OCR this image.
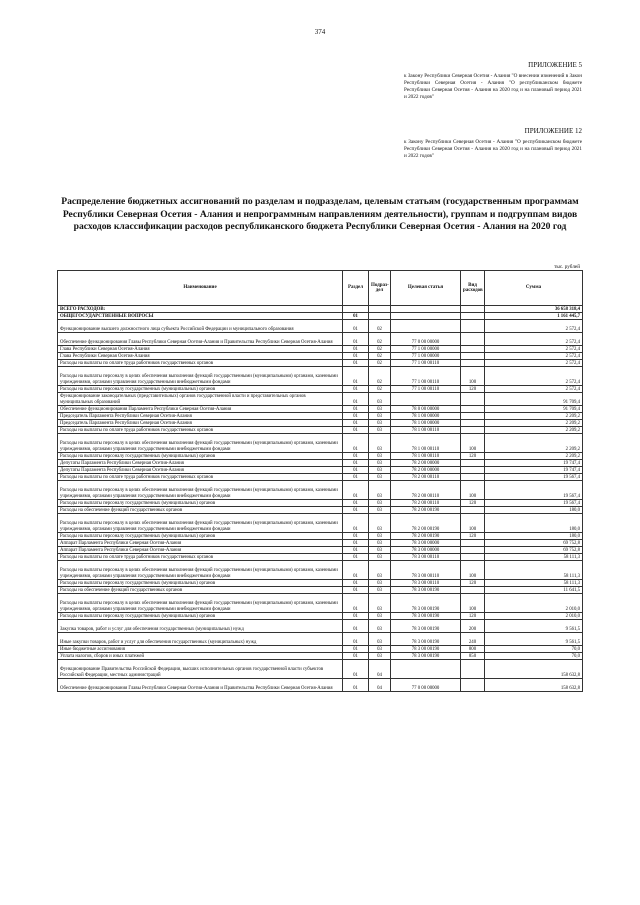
374
ПРИЛОЖЕНИЕ 5
к Закону Республики Северная Осетия - Алания "О внесении изменений в Закон Республики Северная Осетия - Алания "О республиканском бюджете Республики Северная Осетия - Алания на 2020 год и на плановый период 2021 и 2022 годов"
ПРИЛОЖЕНИЕ 12
к Закону Республики Северная Осетия - Алания "О республиканском бюджете Республики Северная Осетия - Алания на 2020 год и на плановый период 2021 и 2022 годов"
Распределение бюджетных ассигнований по разделам и подразделам, целевым статьям (государственным программам Республики Северная Осетия - Алания и непрограммным направлениям деятельности), группам и подгруппам видов расходов классификации расходов республиканского бюджета Республики Северная Осетия - Алания на 2020 год
тыс. рублей
Наименование	Раздел	Подраз-дел	Целевая статья	Вид расходов	Сумма
ВСЕГО РАСХОДОВ:					36 658 318,4
ОБЩЕГОСУДАРСТВЕННЫЕ ВОПРОСЫ	01				1 161 445,7
Функционирование высшего должностного лица субъекта Российской Федерации и муниципального образования	01	02			2 572,4
Обеспечение функционирования Главы Республики Северная Осетия-Алания и Правительства Республики Северная Осетия-Алания	01	02	77 0 00 00000		2 572,4
Глава Республики Северная Осетия-Алания	01	02	77 1 00 00000		2 572,4
Глава Республики Северная Осетия-Алания	01	02	77 1 00 00000		2 572,4
Расходы на выплаты по оплате труда работников государственных органов	01	02	77 1 00 00110		2 572,4
Расходы на выплаты персоналу в целях обеспечения выполнения функций государственными (муниципальными) органами, казенными учреждениями, органами управления государственными внебюджетными фондами	01	02	77 1 00 00110	100	2 572,4
Расходы на выплаты персоналу государственных (муниципальных) органов	01	02	77 1 00 00110	120	2 572,4
Функционирование законодательных (представительных) органов государственной власти и представительных органов муниципальных образований	01	03			91 709,4
Обеспечение функционирования Парламента Республики Северная Осетия-Алания	01	03	78 0 00 00000		91 709,4
Председатель Парламента Республики Северная Осетия-Алания	01	03	78 1 00 00000		2 209,2
Председатель Парламента Республики Северная Осетия-Алания	01	03	78 1 00 00000		2 209,2
Расходы на выплаты по оплате труда работников государственных органов	01	03	78 1 00 00110		2 209,2
Расходы на выплаты персоналу в целях обеспечения выполнения функций государственными (муниципальными) органами, казенными учреждениями, органами управления государственными внебюджетными фондами	01	03	78 1 00 00110	100	2 209,2
Расходы на выплаты персоналу государственных (муниципальных) органов	01	03	78 1 00 00110	120	2 209,2
Депутаты Парламента Республики Северная Осетия-Алания	01	03	78 2 00 00000		19 747,4
Депутаты Парламента Республики Северная Осетия-Алания	01	03	78 2 00 00000		19 747,4
Расходы на выплаты по оплате труда работников государственных органов	01	03	78 2 00 00110		19 567,4
Расходы на выплаты персоналу в целях обеспечения выполнения функций государственными (муниципальными) органами, казенными учреждениями, органами управления государственными внебюджетными фондами	01	03	78 2 00 00110	100	19 567,4
Расходы на выплаты персоналу государственных (муниципальных) органов	01	03	78 2 00 00110	120	19 567,4
Расходы на обеспечение функций государственных органов	01	03	78 2 00 00190		180,0
Расходы на выплаты персоналу в целях обеспечения выполнения функций государственными (муниципальными) органами, казенными учреждениями, органами управления государственными внебюджетными фондами	01	03	78 2 00 00190	100	180,0
Расходы на выплаты персоналу государственных (муниципальных) органов	01	03	78 2 00 00190	120	180,0
Аппарат Парламента Республики Северная Осетия-Алания	01	03	78 3 00 00000		69 752,8
Аппарат Парламента Республики Северная Осетия-Алания	01	03	78 3 00 00000		69 752,8
Расходы на выплаты по оплате труда работников государственных органов	01	03	78 3 00 00110		58 111,3
Расходы на выплаты персоналу в целях обеспечения выполнения функций государственными (муниципальными) органами, казенными учреждениями, органами управления государственными внебюджетными фондами	01	03	78 3 00 00110	100	58 111,3
Расходы на выплаты персоналу государственных (муниципальных) органов	01	03	78 3 00 00110	120	58 111,3
Расходы на обеспечение функций государственных органов	01	03	78 3 00 00190		11 641,5
Расходы на выплаты персоналу в целях обеспечения выполнения функций государственными (муниципальными) органами, казенными учреждениями, органами управления государственными внебюджетными фондами	01	03	78 3 00 00190	100	2 010,0
Расходы на выплаты персоналу государственных (муниципальных) органов	01	03	78 3 00 00190	120	2 010,0
Закупка товаров, работ и услуг для обеспечения государственных (муниципальных) нужд	01	03	78 3 00 00190	200	9 561,5
Иные закупки товаров, работ и услуг для обеспечения государственных (муниципальных) нужд	01	03	78 3 00 00190	240	9 561,5
Иные бюджетные ассигнования	01	03	78 3 00 00190	800	70,0
Уплата налогов, сборов и иных платежей	01	03	78 3 00 00190	850	70,0
Функционирование Правительства Российской Федерации, высших исполнительных органов государственной власти субъектов Российской Федерации, местных администраций	01	04			158 632,8
Обеспечение функционирования Главы Республики Северная Осетия-Алания и Правительства Республики Северная Осетия-Алания	01	04	77 0 00 00000		158 632,8
